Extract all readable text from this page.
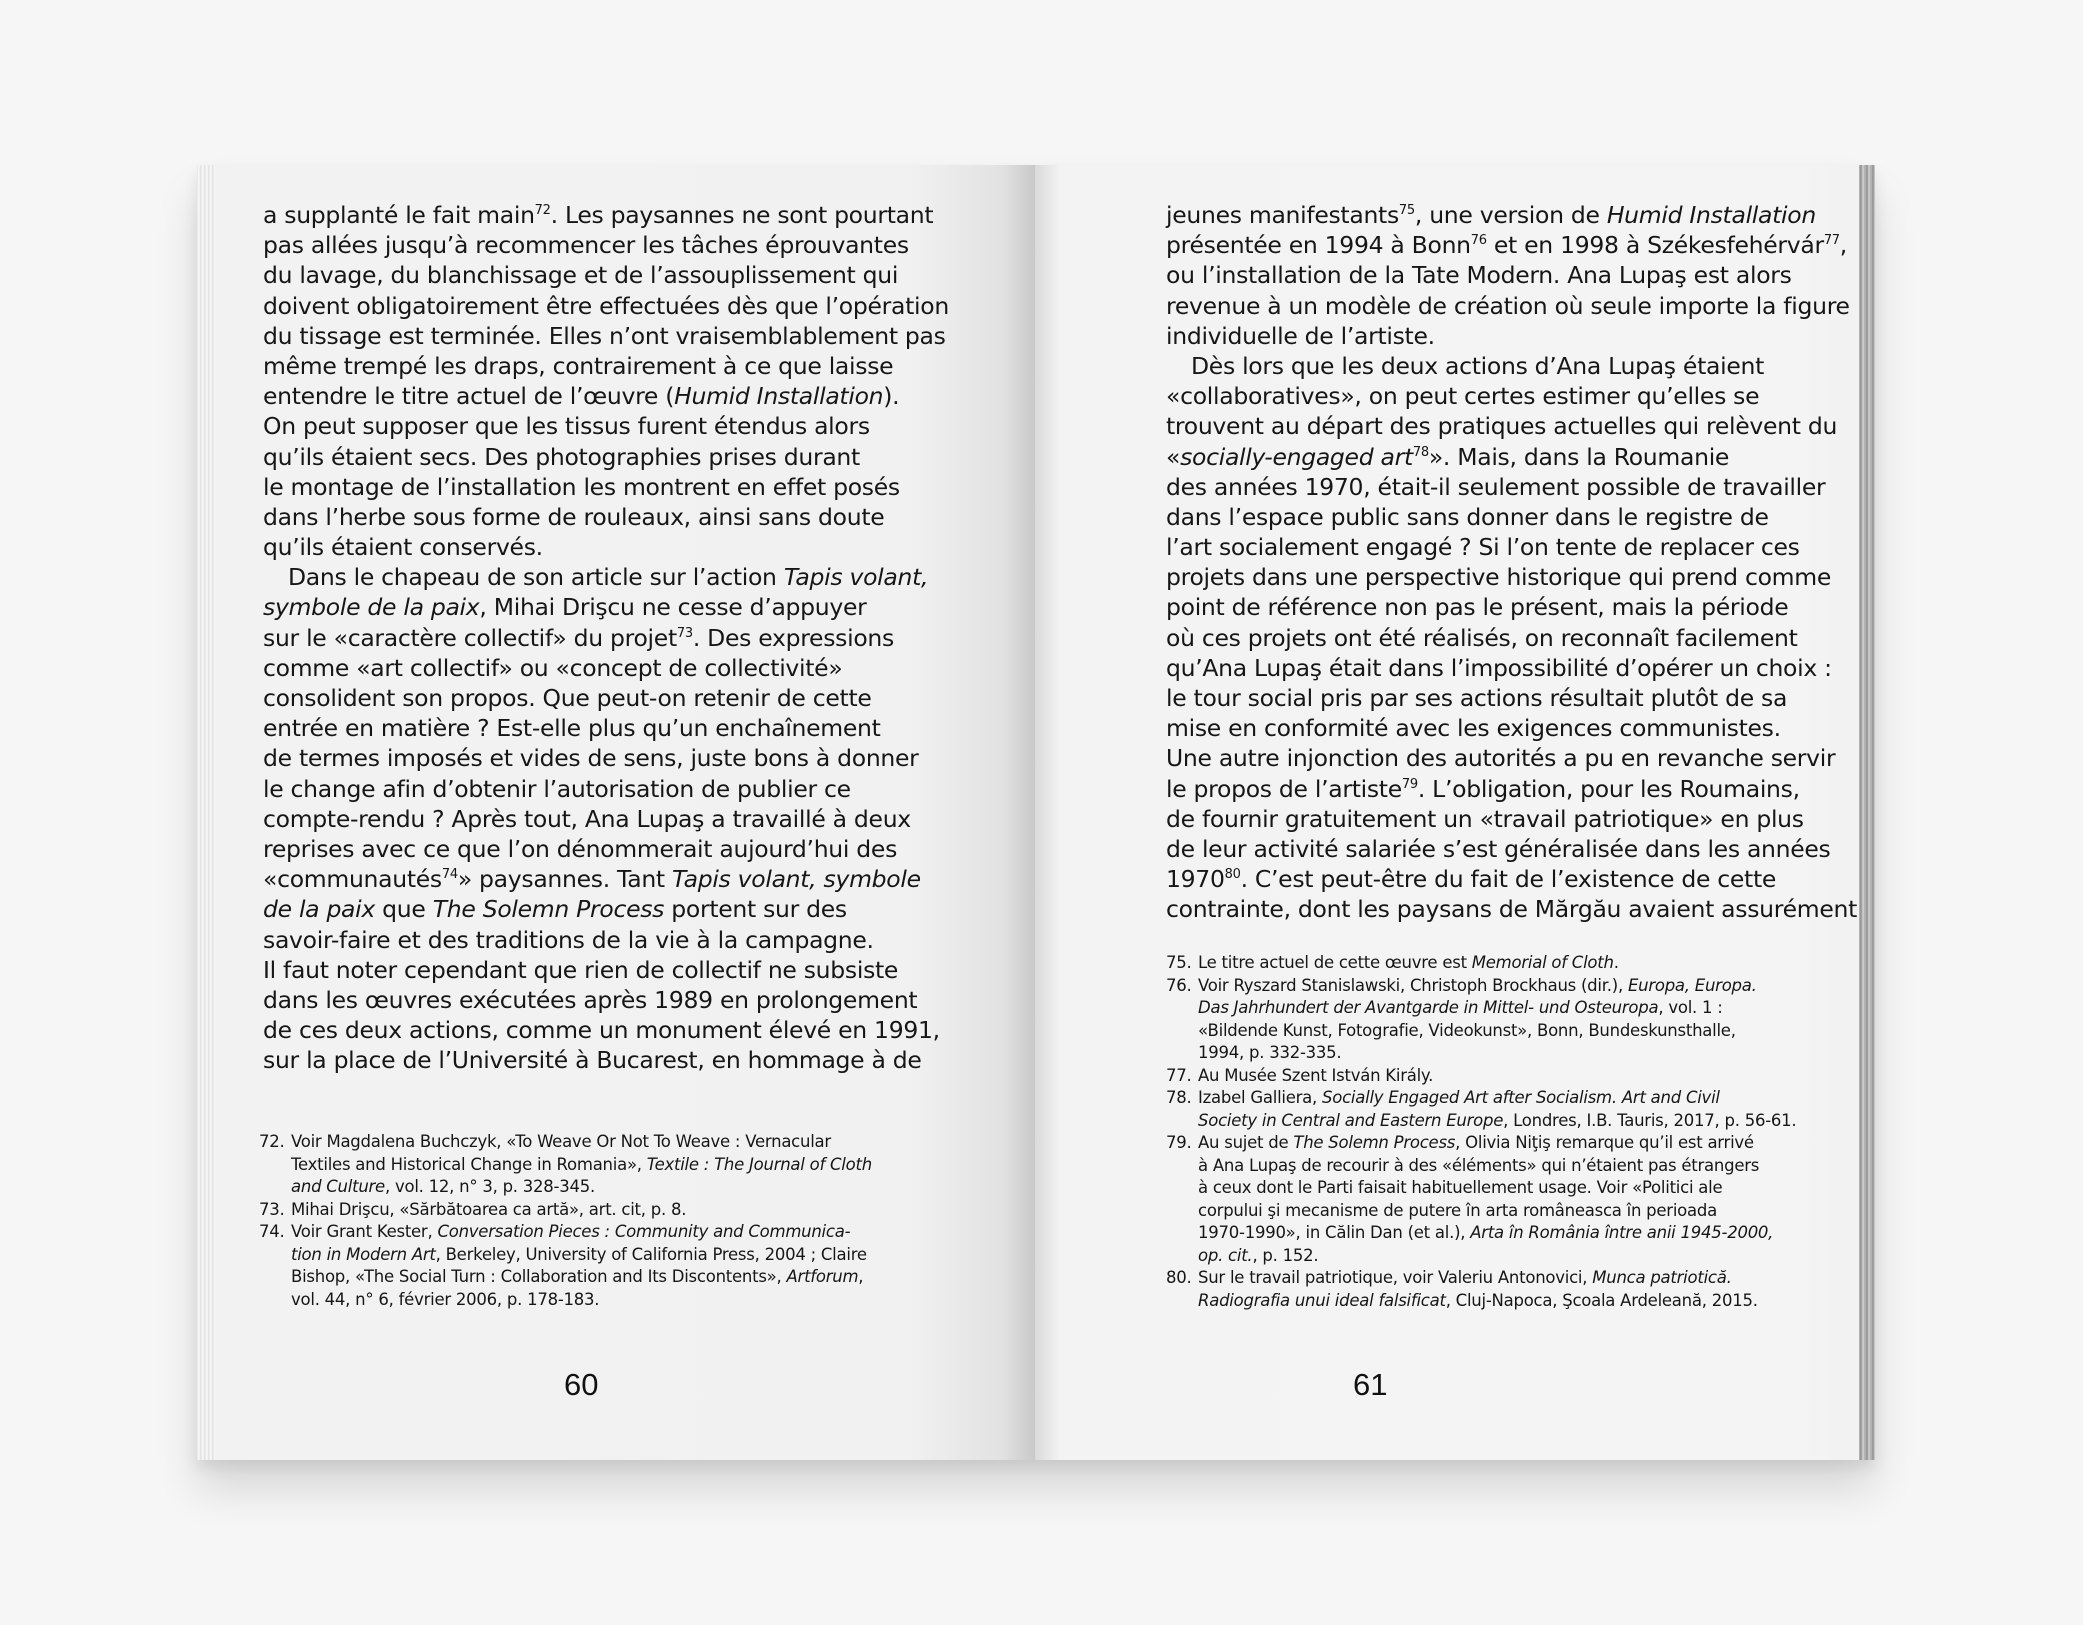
a supplanté le fait main$^{72}$. Les paysannes ne sont pourtant
pas allées jusqu’à recommencer les tâches éprouvantes
du lavage, du blanchissage et de l’assouplissement qui
doivent obligatoirement être effectuées dès que l’opération
du tissage est terminée. Elles n’ont vraisemblablement pas
même trempé les draps, contrairement à ce que laisse
entendre le titre actuel de l’œuvre (Humid Installation).
On peut supposer que les tissus furent étendus alors
qu’ils étaient secs. Des photographies prises durant
le montage de l’installation les montrent en effet posés
dans l’herbe sous forme de rouleaux, ainsi sans doute
qu’ils étaient conservés.
Dans le chapeau de son article sur l’action Tapis volant,
symbole de la paix, Mihai Drişcu ne cesse d’appuyer
sur le «caractère collectif» du projet$^{73}$. Des expressions
comme «art collectif» ou «concept de collectivité»
consolident son propos. Que peut-on retenir de cette
entrée en matière ? Est-elle plus qu’un enchaînement
de termes imposés et vides de sens, juste bons à donner
le change afin d’obtenir l’autorisation de publier ce
compte-rendu ? Après tout, Ana Lupaş a travaillé à deux
reprises avec ce que l’on dénommerait aujourd’hui des
«communautés$^{74}$» paysannes. Tant Tapis volant, symbole
de la paix que The Solemn Process portent sur des
savoir-faire et des traditions de la vie à la campagne.
Il faut noter cependant que rien de collectif ne subsiste
dans les œuvres exécutées après 1989 en prolongement
de ces deux actions, comme un monument élevé en 1991,
sur la place de l’Université à Bucarest, en hommage à de
72. Voir Magdalena Buchczyk, «To Weave Or Not To Weave : Vernacular
Textiles and Historical Change in Romania», Textile : The Journal of Cloth
and Culture, vol. 12, n° 3, p. 328-345.
73. Mihai Drişcu, «Sărbătoarea ca artă», art. cit, p. 8.
74. Voir Grant Kester, Conversation Pieces : Community and Communica-
tion in Modern Art, Berkeley, University of California Press, 2004 ; Claire
Bishop, «The Social Turn : Collaboration and Its Discontents», Artforum,
vol. 44, n° 6, février 2006, p. 178-183.
60
jeunes manifestants$^{75}$, une version de Humid Installation
présentée en 1994 à Bonn$^{76}$ et en 1998 à Székesfehérvár$^{77}$,
ou l’installation de la Tate Modern. Ana Lupaş est alors
revenue à un modèle de création où seule importe la figure
individuelle de l’artiste.
Dès lors que les deux actions d’Ana Lupaş étaient
«collaboratives», on peut certes estimer qu’elles se
trouvent au départ des pratiques actuelles qui relèvent du
«socially-engaged art$^{78}$». Mais, dans la Roumanie
des années 1970, était-il seulement possible de travailler
dans l’espace public sans donner dans le registre de
l’art socialement engagé ? Si l’on tente de replacer ces
projets dans une perspective historique qui prend comme
point de référence non pas le présent, mais la période
où ces projets ont été réalisés, on reconnaît facilement
qu’Ana Lupaş était dans l’impossibilité d’opérer un choix :
le tour social pris par ses actions résultait plutôt de sa
mise en conformité avec les exigences communistes.
Une autre injonction des autorités a pu en revanche servir
le propos de l’artiste$^{79}$. L’obligation, pour les Roumains,
de fournir gratuitement un «travail patriotique» en plus
de leur activité salariée s’est généralisée dans les années
1970$^{80}$. C’est peut-être du fait de l’existence de cette
contrainte, dont les paysans de Mărgău avaient assurément
75. Le titre actuel de cette œuvre est Memorial of Cloth.
76. Voir Ryszard Stanislawski, Christoph Brockhaus (dir.), Europa, Europa.
Das Jahrhundert der Avantgarde in Mittel- und Osteuropa, vol. 1 :
«Bildende Kunst, Fotografie, Videokunst», Bonn, Bundeskunsthalle,
1994, p. 332-335.
77. Au Musée Szent István Király.
78. Izabel Galliera, Socially Engaged Art after Socialism. Art and Civil
Society in Central and Eastern Europe, Londres, I.B. Tauris, 2017, p. 56-61.
79. Au sujet de The Solemn Process, Olivia Niţiş remarque qu’il est arrivé
à Ana Lupaş de recourir à des «éléments» qui n’étaient pas étrangers
à ceux dont le Parti faisait habituellement usage. Voir «Politici ale
corpului şi mecanisme de putere în arta româneasca în perioada
1970-1990», in Călin Dan (et al.), Arta în România între anii 1945-2000,
op. cit., p. 152.
80. Sur le travail patriotique, voir Valeriu Antonovici, Munca patriotică.
Radiografia unui ideal falsificat, Cluj-Napoca, Şcoala Ardeleană, 2015.
61
